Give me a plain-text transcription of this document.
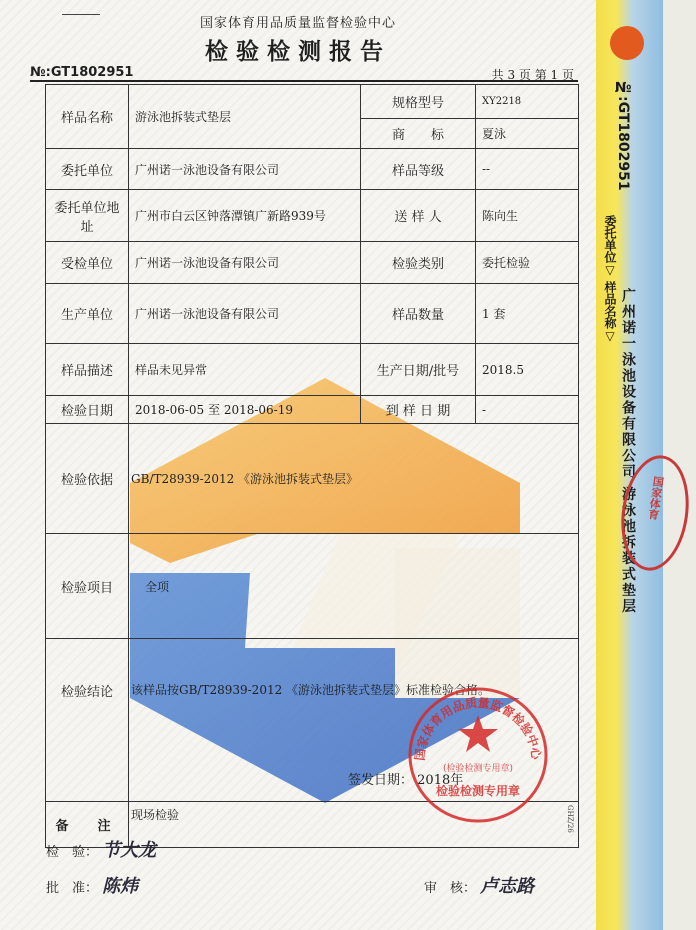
国家体育用品质量监督检验中心
检验检测报告
№:GT1802951	共 3 页 第 1 页
样品名称	游泳池拆装式垫层	规格型号	XY2218
		商　　标	夏泳
委托单位	广州诺一泳池设备有限公司	样品等级	--
委托单位地址	广州市白云区钟落潭镇广新路939号	送 样 人	陈向生
受检单位	广州诺一泳池设备有限公司	检验类别	委托检验
生产单位	广州诺一泳池设备有限公司	样品数量	1 套
样品描述	样品未见异常	生产日期/批号	2018.5
检验日期	2018-06-05 至 2018-06-19	到 样 日 期	-
检验依据	GB/T28939-2012 《游泳池拆装式垫层》		
检验项目	全项		
检验结论	该样品按GB/T28939-2012 《游泳池拆装式垫层》标准检验合格。		
备　注	现场检验		
签发日期： 2018年
国家体育用品质量监督检验中心
(检验检测专用章)
检验检测专用章
GHZ/26
检　验： 节大龙
批　准： 陈炜	审　核： 卢志路
№:GT1802951
委托单位▽ 样品名称▽
广州诺一泳池设备有限公司 游泳池拆装式垫层 国家体育
